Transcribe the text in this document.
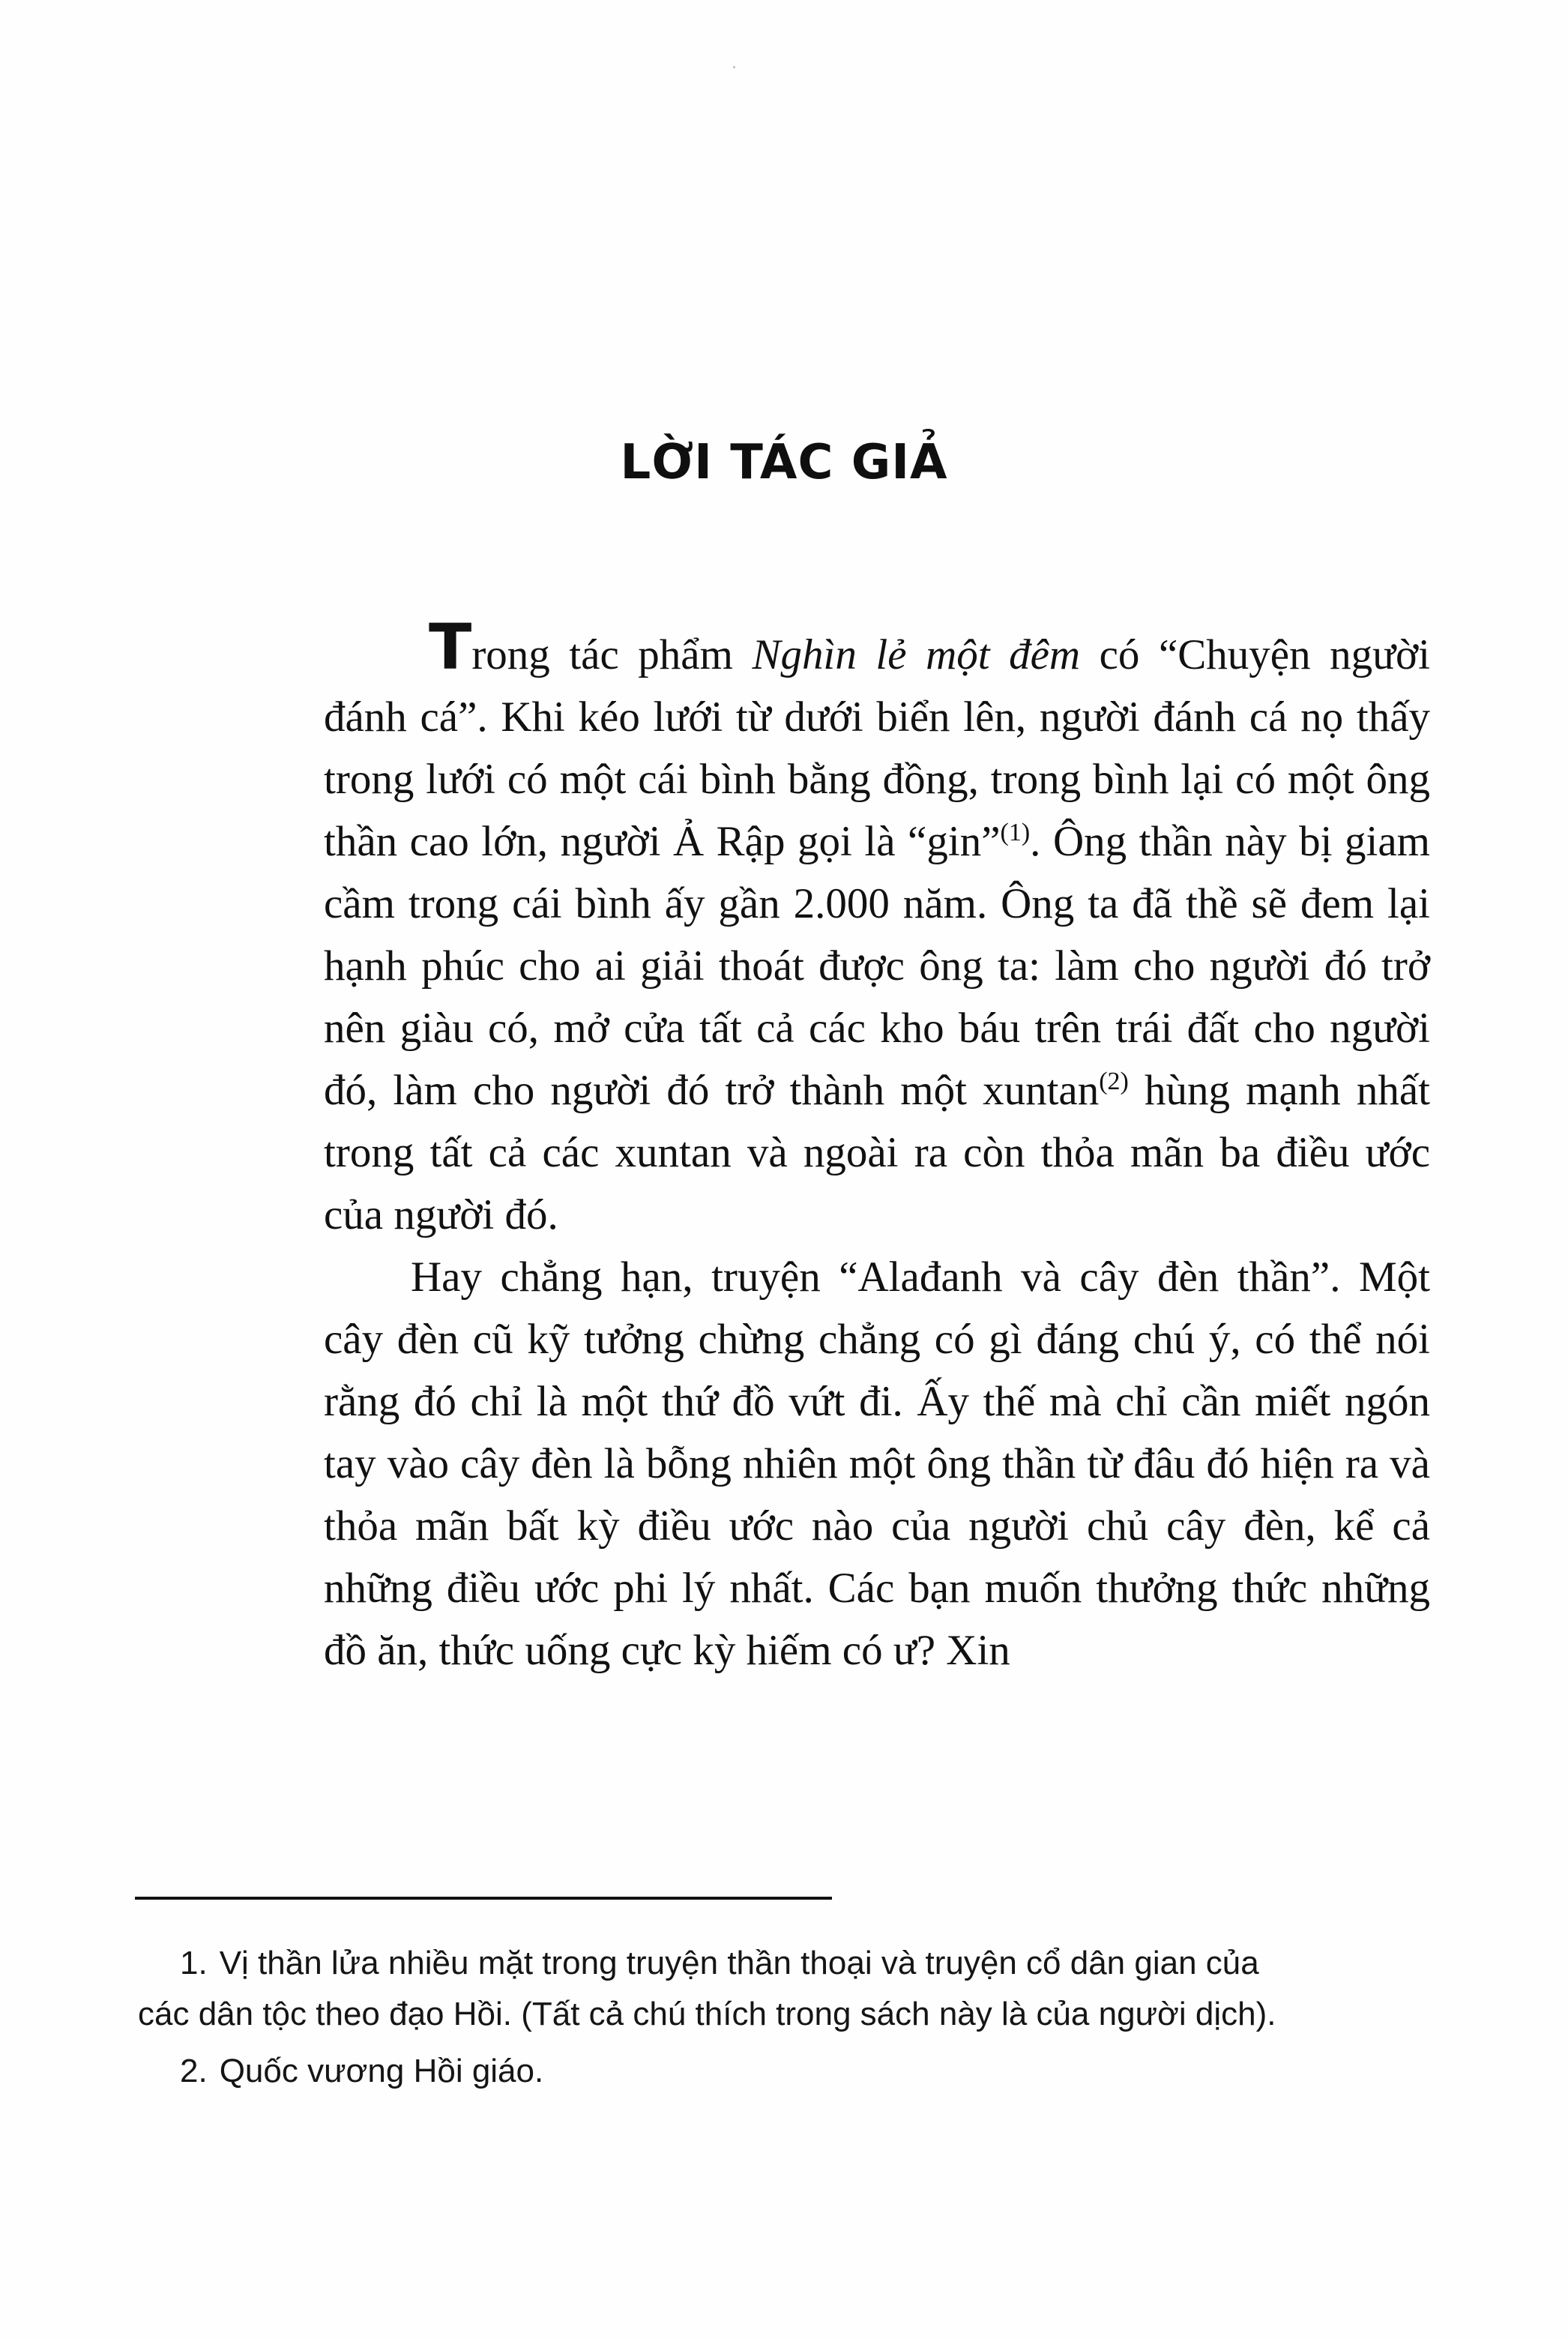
LỜI TÁC GIẢ

Trong tác phẩm Nghìn lẻ một đêm có “Chuyện người đánh cá”. Khi kéo lưới từ dưới biển lên, người đánh cá nọ thấy trong lưới có một cái bình bằng đồng, trong bình lại có một ông thần cao lớn, người Ả Rập gọi là “gin”$^{(1)}$. Ông thần này bị giam cầm trong cái bình ấy gần 2.000 năm. Ông ta đã thề sẽ đem lại hạnh phúc cho ai giải thoát được ông ta: làm cho người đó trở nên giàu có, mở cửa tất cả các kho báu trên trái đất cho người đó, làm cho người đó trở thành một xuntan$^{(2)}$ hùng mạnh nhất trong tất cả các xuntan và ngoài ra còn thỏa mãn ba điều ước của người đó.

Hay chẳng hạn, truyện “Alađanh và cây đèn thần”. Một cây đèn cũ kỹ tưởng chừng chẳng có gì đáng chú ý, có thể nói rằng đó chỉ là một thứ đồ vứt đi. Ấy thế mà chỉ cần miết ngón tay vào cây đèn là bỗng nhiên một ông thần từ đâu đó hiện ra và thỏa mãn bất kỳ điều ước nào của người chủ cây đèn, kể cả những điều ước phi lý nhất. Các bạn muốn thưởng thức những đồ ăn, thức uống cực kỳ hiếm có ư? Xin

1. Vị thần lửa nhiều mặt trong truyện thần thoại và truyện cổ dân gian của
các dân tộc theo đạo Hồi. (Tất cả chú thích trong sách này là của người dịch).
2. Quốc vương Hồi giáo.
